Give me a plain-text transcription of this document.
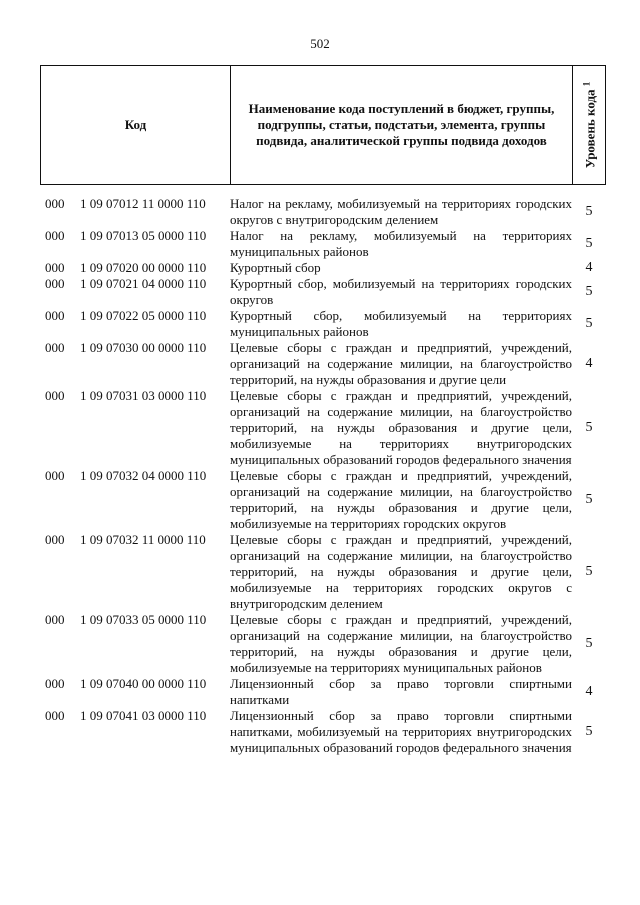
502
Код
Наименование кода поступлений в бюджет, группы, подгруппы, статьи, подстатьи, элемента, группы подвида, аналитической группы подвида доходов	Уровень кода $^1$
000 1 09 07012 11 0000 110 Налог на рекламу, мобилизуемый на территориях городских округов с внутригородским делением
5
000 1 09 07013 05 0000 110 Налог на рекламу, мобилизуемый на территориях муниципальных районов
5
000 1 09 07020 00 0000 110 Курортный сбор	4
000 1 09 07021 04 0000 110 Курортный сбор, мобилизуемый на территориях городских округов
5
000 1 09 07022 05 0000 110 Курортный сбор, мобилизуемый на территориях муниципальных районов
5
000 1 09 07030 00 0000 110 Целевые сборы с граждан и предприятий, учреждений, организаций на содержание милиции, на благоустройство территорий, на нужды образования и другие цели
4
000 1 09 07031 03 0000 110 Целевые сборы с граждан и предприятий, учреждений, организаций на содержание милиции, на благоустройство территорий, на нужды образования и другие цели, мобилизуемые на территориях внутригородских муниципальных образований городов федерального значения
5
000 1 09 07032 04 0000 110 Целевые сборы с граждан и предприятий, учреждений, организаций на содержание милиции, на благоустройство территорий, на нужды образования и другие цели, мобилизуемые на территориях городских округов
5
000 1 09 07032 11 0000 110 Целевые сборы с граждан и предприятий, учреждений, организаций на содержание милиции, на благоустройство территорий, на нужды образования и другие цели, мобилизуемые на территориях городских округов с внутригородским делением
5
000 1 09 07033 05 0000 110 Целевые сборы с граждан и предприятий, учреждений, организаций на содержание милиции, на благоустройство территорий, на нужды образования и другие цели, мобилизуемые на территориях муниципальных районов
5
000 1 09 07040 00 0000 110 Лицензионный сбор за право торговли спиртными напитками
4
000 1 09 07041 03 0000 110 Лицензионный сбор за право торговли спиртными напитками, мобилизуемый на территориях внутригородских муниципальных образований городов федерального значения
5
